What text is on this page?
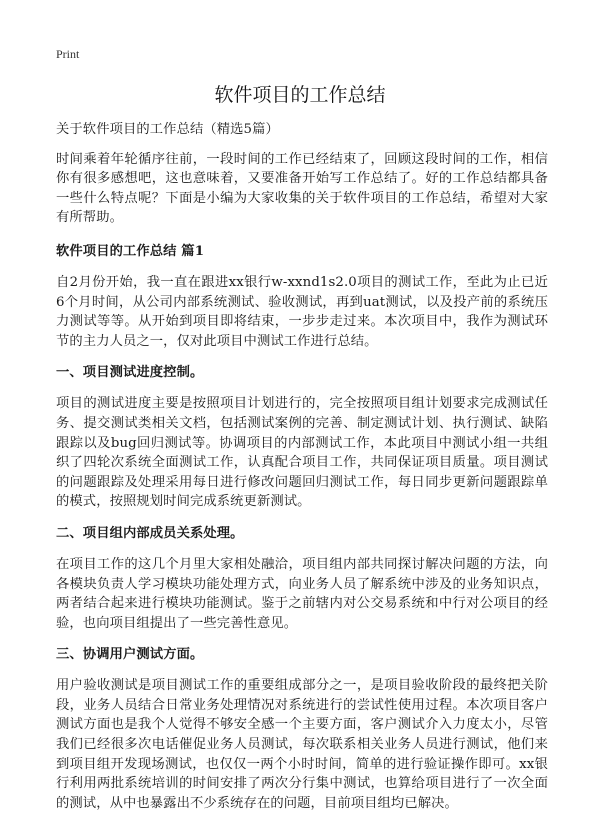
Print
软件项目的工作总结

关于软件项目的工作总结（精选5篇）

时间乘着年轮循序往前，一段时间的工作已经结束了，回顾这段时间的工作，相信你有很多感想吧，这也意味着，又要准备开始写工作总结了。好的工作总结都具备一些什么特点呢？下面是小编为大家收集的关于软件项目的工作总结，希望对大家有所帮助。

软件项目的工作总结 篇1

自2月份开始，我一直在跟进xx银行w-xxnd1s2.0项目的测试工作，至此为止已近6个月时间，从公司内部系统测试、验收测试，再到uat测试，以及投产前的系统压力测试等等。从开始到项目即将结束，一步步走过来。本次项目中，我作为测试环节的主力人员之一，仅对此项目中测试工作进行总结。

一、项目测试进度控制。

项目的测试进度主要是按照项目计划进行的，完全按照项目组计划要求完成测试任务、提交测试类相关文档，包括测试案例的完善、制定测试计划、执行测试、缺陷跟踪以及bug回归测试等。协调项目的内部测试工作，本此项目中测试小组一共组织了四轮次系统全面测试工作，认真配合项目工作，共同保证项目质量。项目测试的问题跟踪及处理采用每日进行修改问题回归测试工作，每日同步更新问题跟踪单的模式，按照规划时间完成系统更新测试。

二、项目组内部成员关系处理。

在项目工作的这几个月里大家相处融洽，项目组内部共同探讨解决问题的方法，向各模块负责人学习模块功能处理方式，向业务人员了解系统中涉及的业务知识点，两者结合起来进行模块功能测试。鉴于之前辖内对公交易系统和中行对公项目的经验，也向项目组提出了一些完善性意见。

三、协调用户测试方面。

用户验收测试是项目测试工作的重要组成部分之一，是项目验收阶段的最终把关阶段，业务人员结合日常业务处理情况对系统进行的尝试性使用过程。本次项目客户测试方面也是我个人觉得不够安全感一个主要方面，客户测试介入力度太小，尽管我们已经很多次电话催促业务人员测试，每次联系相关业务人员进行测试，他们来到项目组开发现场测试，也仅仅一两个小时时间，简单的进行验证操作即可。xx银行利用两批系统培训的时间安排了两次分行集中测试，也算给项目进行了一次全面的测试，从中也暴露出不少系统存在的问题，目前项目组均已解决。
